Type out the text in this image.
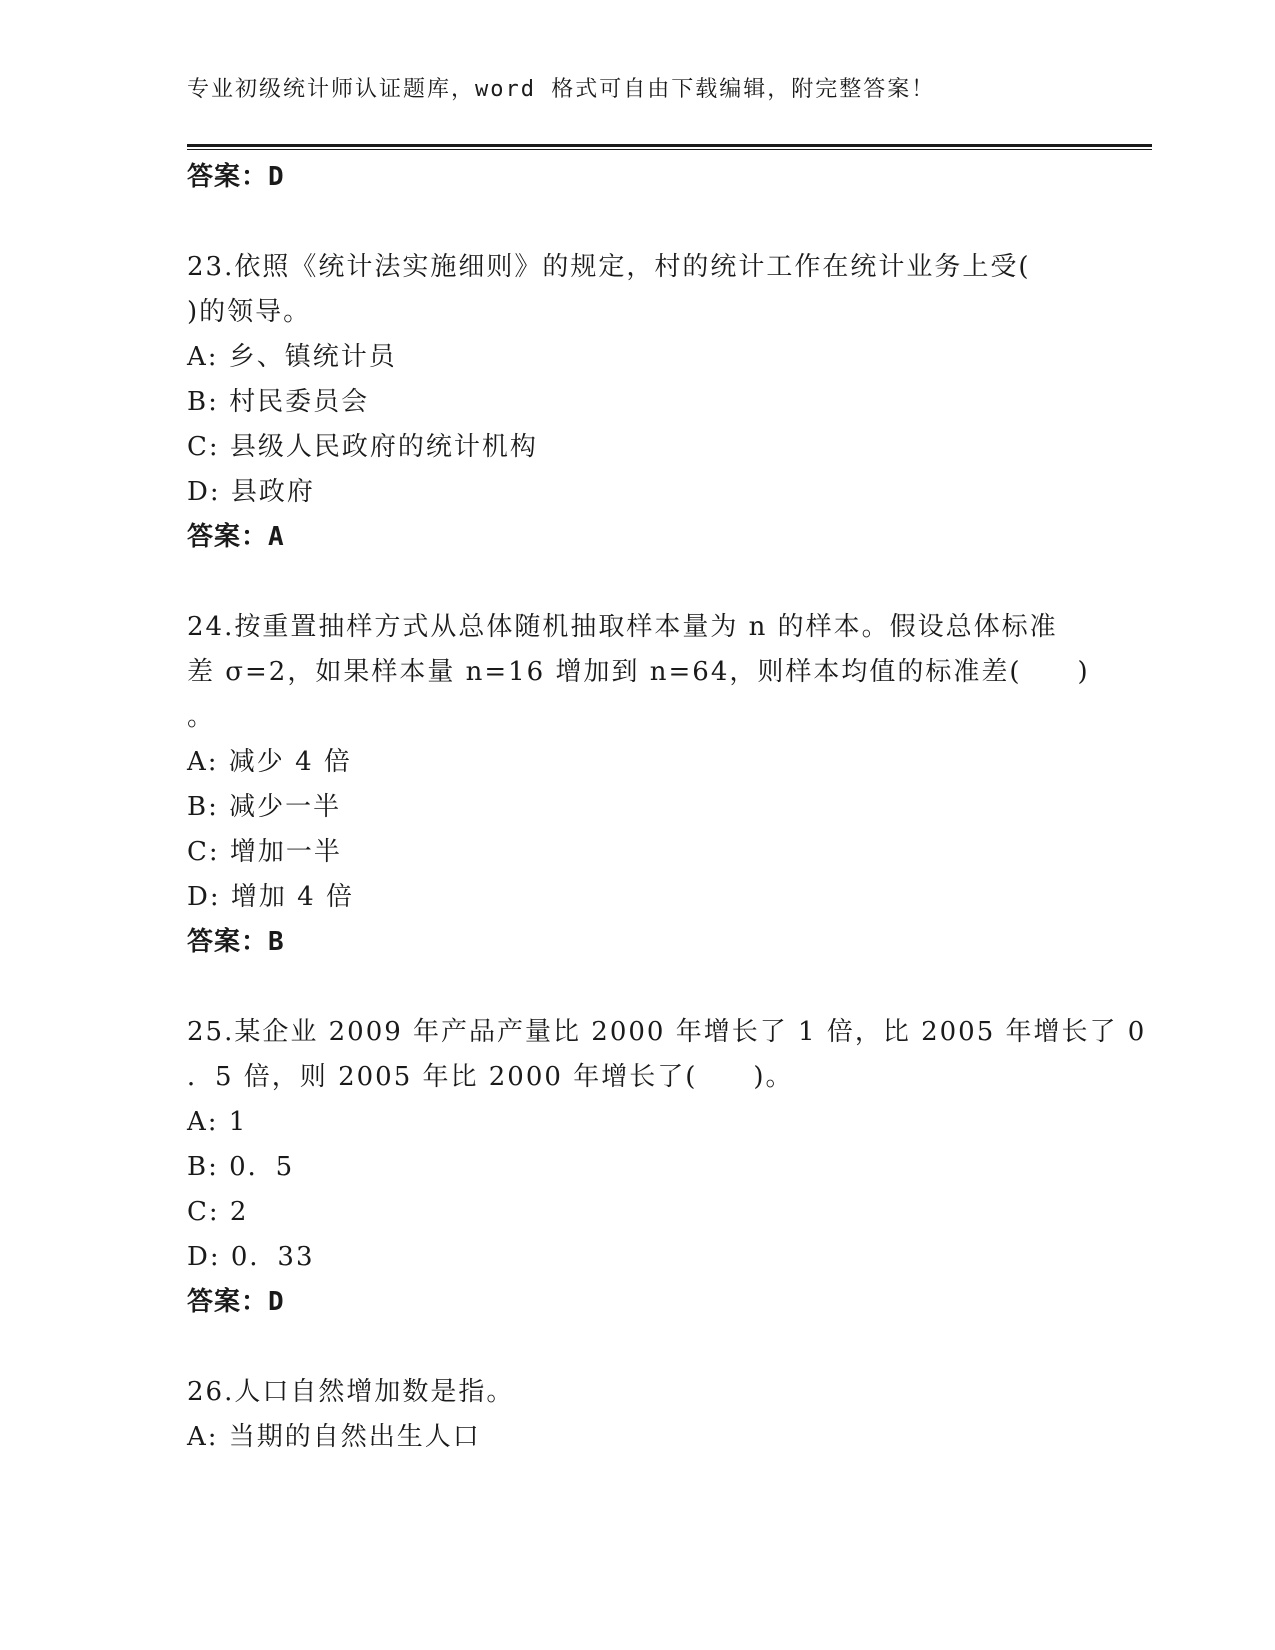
专业初级统计师认证题库，word 格式可自由下载编辑，附完整答案！
答案：D
23.依照《统计法实施细则》的规定，村的统计工作在统计业务上受(
)的领导。
A: 乡、镇统计员
B: 村民委员会
C: 县级人民政府的统计机构
D: 县政府
答案：A
24.按重置抽样方式从总体随机抽取样本量为 n 的样本。假设总体标准
差 σ=2，如果样本量 n=16 增加到 n=64，则样本均值的标准差(　　)
。
A: 减少 4 倍
B: 减少一半
C: 增加一半
D: 增加 4 倍
答案：B
25.某企业 2009 年产品产量比 2000 年增长了 1 倍，比 2005 年增长了 0
．5 倍，则 2005 年比 2000 年增长了(　　)。
A: 1
B: 0．5
C: 2
D: 0．33
答案：D
26.人口自然增加数是指。
A: 当期的自然出生人口
